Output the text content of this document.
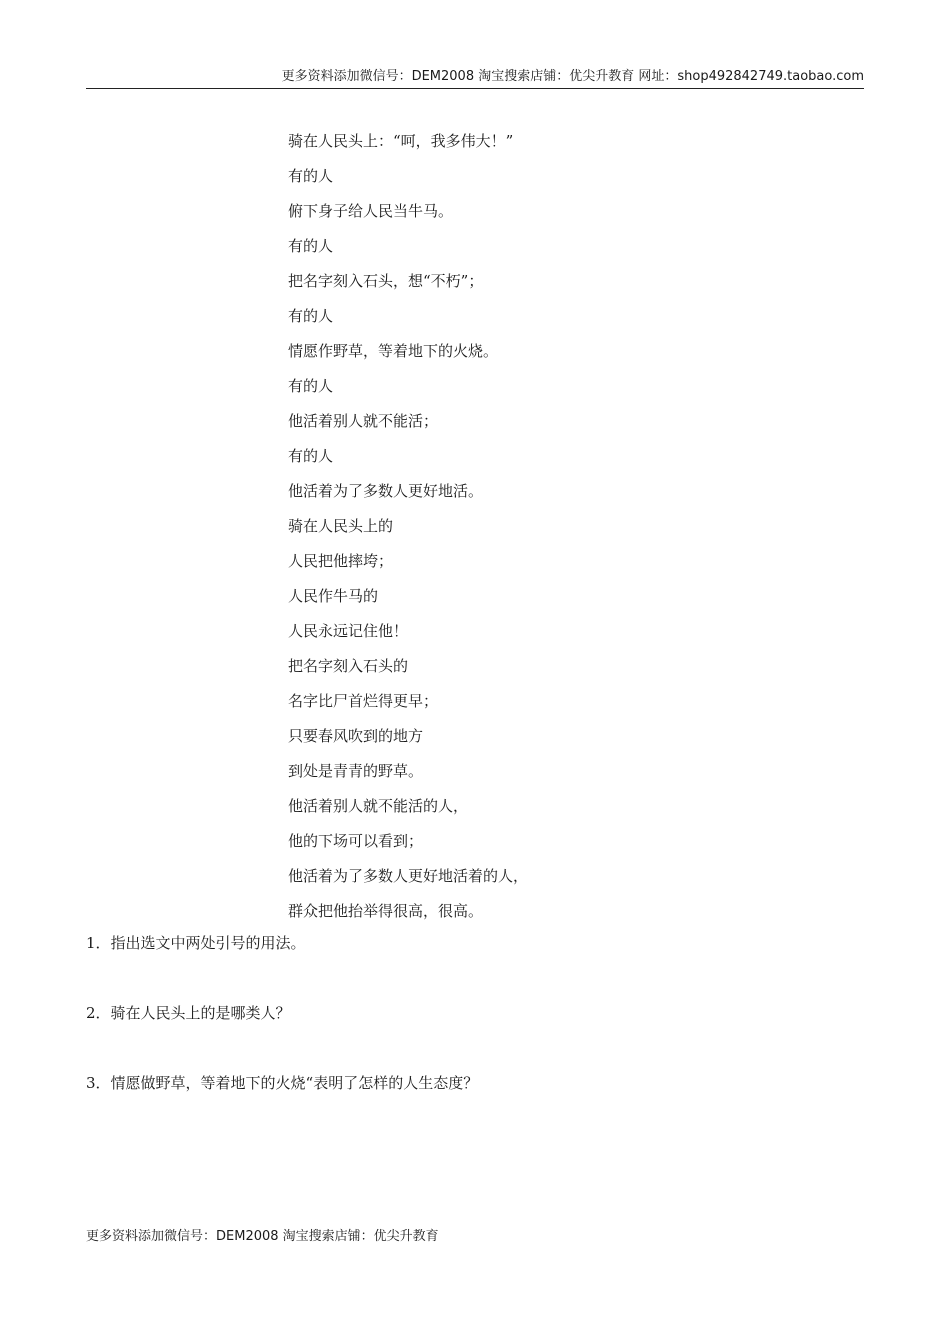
更多资料添加微信号：DEM2008 淘宝搜索店铺：优尖升教育 网址：shop492842749.taobao.com
骑在人民头上：“呵，我多伟大！”
有的人
俯下身子给人民当牛马。
有的人
把名字刻入石头，想“不朽”；
有的人
情愿作野草，等着地下的火烧。
有的人
他活着别人就不能活；
有的人
他活着为了多数人更好地活。
骑在人民头上的
人民把他摔垮；
人民作牛马的
人民永远记住他！
把名字刻入石头的
名字比尸首烂得更早；
只要春风吹到的地方
到处是青青的野草。
他活着别人就不能活的人，
他的下场可以看到；
他活着为了多数人更好地活着的人，
群众把他抬举得很高，很高。
1．指出选文中两处引号的用法。
2．骑在人民头上的是哪类人？
3．情愿做野草，等着地下的火烧“表明了怎样的人生态度？
更多资料添加微信号：DEM2008 淘宝搜索店铺：优尖升教育
